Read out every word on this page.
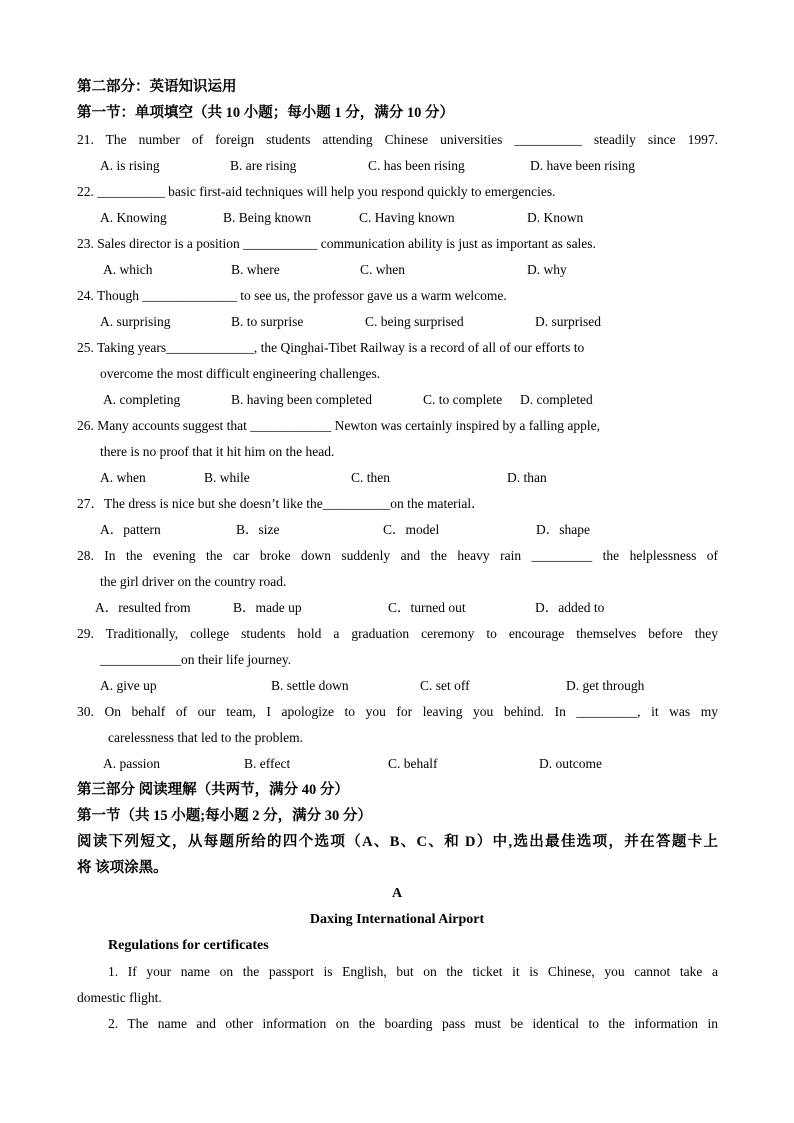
第二部分：英语知识运用
第一节：单项填空（共 10 小题；每小题 1 分，满分 10 分）
21. The number of foreign students attending Chinese universities __________ steadily since 1997.
A. is rising	B. are rising	C. has been rising	D. have been rising
22. __________ basic first-aid techniques will help you respond quickly to emergencies.
A. Knowing	B. Being known	C. Having known	D. Known
23. Sales director is a position ___________ communication ability is just as important as sales.
A. which	B. where	C. when	D. why
24. Though ______________ to see us, the professor gave us a warm welcome.
A. surprising	B. to surprise	C. being surprised	D. surprised
25. Taking years_____________, the Qinghai-Tibet Railway is a record of all of our efforts to
overcome the most difficult engineering challenges.
A. completing	B. having been completed	C. to complete D. completed
26. Many accounts suggest that ____________ Newton was certainly inspired by a falling apple,
there is no proof that it hit him on the head.
A. when	B. while	C. then	D. than
27．The dress is nice but she doesn’t like the__________on the material．
A．pattern	B．size	C．model	D．shape
28. In the evening the car broke down suddenly and the heavy rain _________ the helplessness of
the girl driver on the country road.
A．resulted from	B．made up	C．turned out	D．added to
29. Traditionally, college students hold a graduation ceremony to encourage themselves before they
____________on their life journey.
A. give up	B. settle down	C. set off	D. get through
30. On behalf of our team, I apologize to you for leaving you behind. In _________, it was my
carelessness that led to the problem.
A. passion	B. effect	C. behalf	D. outcome
第三部分 阅读理解（共两节，满分 40 分）
第一节（共 15 小题;每小题 2 分，满分 30 分）
阅读下列短文，从每题所给的四个选项（A、B、C、和 D）中,选出最佳选项，并在答题卡上
将 该项涂黑。
A
Daxing International Airport
Regulations for certificates
1. If your name on the passport is English, but on the ticket it is Chinese, you cannot take a
domestic flight.
2. The name and other information on the boarding pass must be identical to the information in
